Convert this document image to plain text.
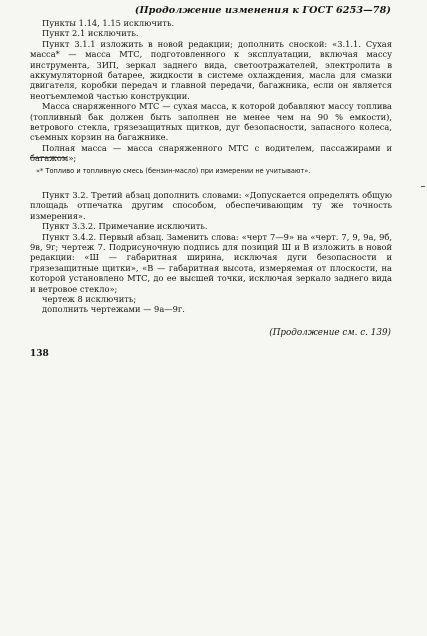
(Продолжение изменения к ГОСТ 6253—78)

Пункты 1.14, 1.15 исключить.

Пункт 2.1 исключить.

Пункт 3.1.1 изложить в новой редакции; дополнить сноской: «3.1.1. Сухая масса* — масса МТС, подготовленного к эксплуатации, включая массу инструмента, ЗИП, зеркал заднего вида, светоотражателей, электролита в аккумуляторной батарее, жидкости в системе охлаждения, масла для смазки двигателя, коробки передач и главной передачи, багажника, если он является неотъемлемой частью конструкции.

Масса снаряженного МТС — сухая масса, к которой добавляют массу топлива (топливный бак должен быть заполнен не менее чем на 90 % емкости), ветрового стекла, грязезащитных щитков, дуг безопасности, запасного колеса, съемных корзин на багажнике.

Полная масса — масса снаряженного МТС с водителем, пассажирами и багажом»;

«* Топливо и топливную смесь (бензин-масло) при измерении не учитывают».

Пункт 3.2. Третий абзац дополнить словами: «Допускается определять общую площадь отпечатка другим способом, обеспечивающим ту же точность измерения».

Пункт 3.3.2. Примечание исключить.

Пункт 3.4.2. Первый абзац. Заменить слова: «черт 7—9» на «черт. 7, 9, 9а, 9б, 9в, 9г; чертеж 7. Подрисуночную подпись для позиций Ш и В изложить в новой редакции: «Ш — габаритная ширина, исключая дуги безопасности и грязезащитные щитки», «В — габаритная высота, измеряемая от плоскости, на которой установлено МТС, до ее высшей точки, исключая зеркало заднего вида и ветровое стекло»;

чертеж 8 исключить;

дополнить чертежами — 9а—9г.

(Продолжение см. с. 139)
138
